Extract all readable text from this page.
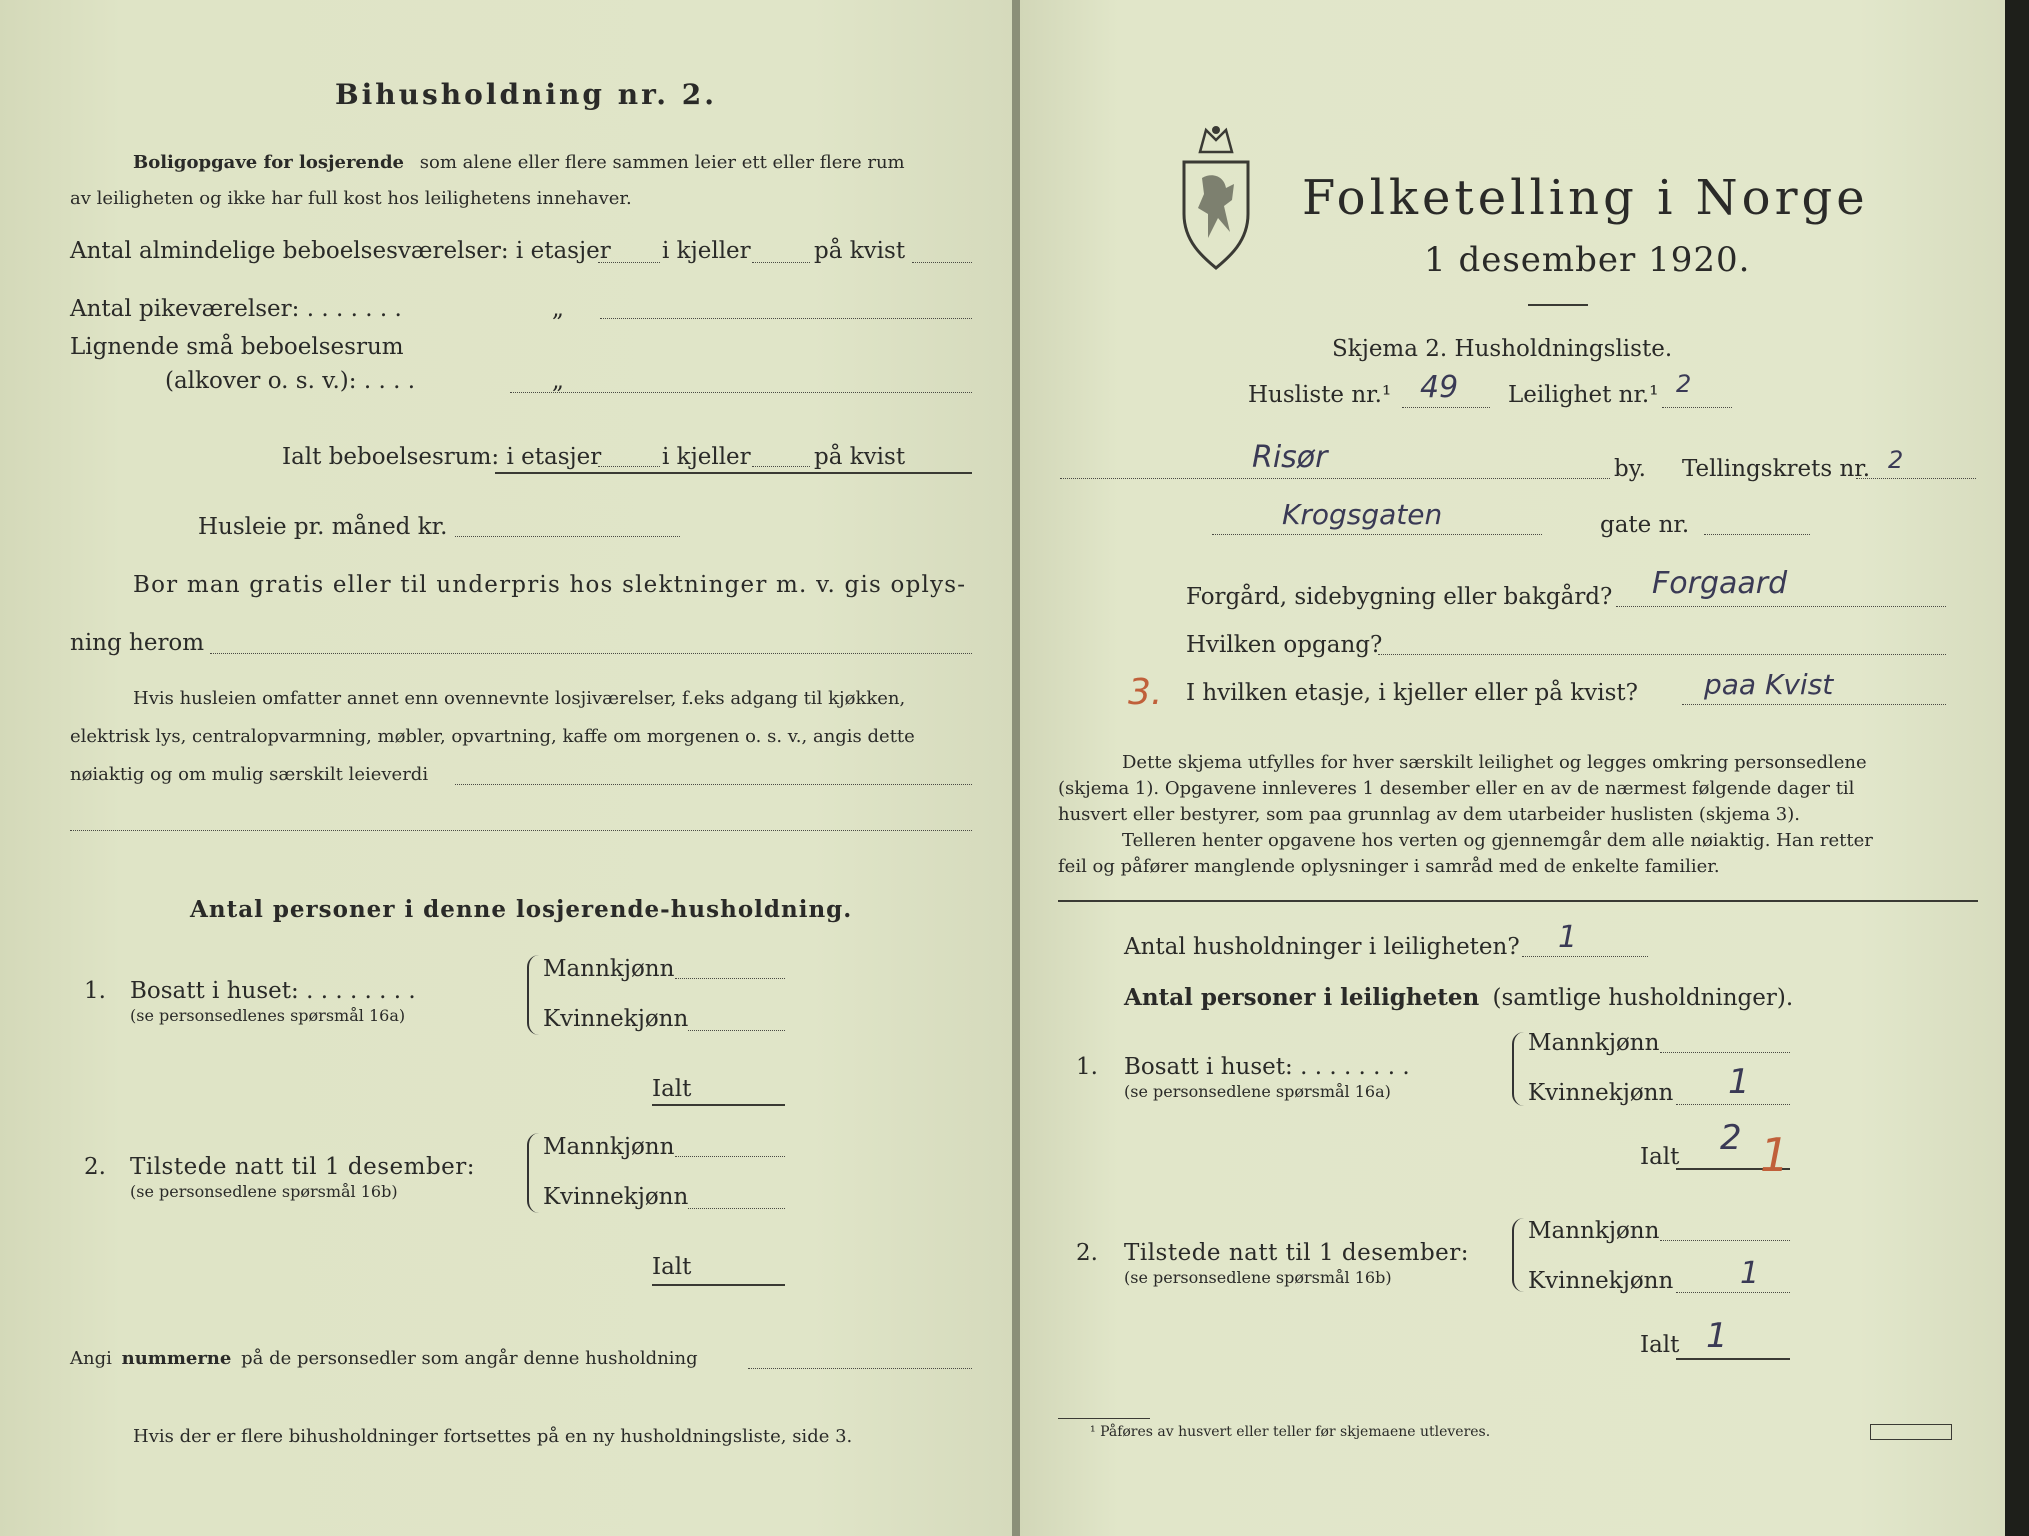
Bihusholdning nr. 2.
Boligopgave for losjerende som alene eller flere sammen leier ett eller flere rum
av leiligheten og ikke har full kost hos leilighetens innehaver.
Antal almindelige beboelsesværelser: i etasjer i kjeller	på kvist
Antal pikeværelser: . . . . . . .	„
Lignende små beboelsesrum
(alkover o. s. v.): . . . .	„
Ialt beboelsesrum: i etasjer	i kjeller	på kvist
Husleie pr. måned kr.
Bor man gratis eller til underpris hos slektninger m. v. gis oplys-
ning herom
Hvis husleien omfatter annet enn ovennevnte losjiværelser, f.eks adgang til kjøkken,
elektrisk lys, centralopvarmning, møbler, opvartning, kaffe om morgenen o. s. v., angis dette
nøiaktig og om mulig særskilt leieverdi
Antal personer i denne losjerende-husholdning.
1. Bosatt i huset: . . . . . . . .
(se personsedlenes spørsmål 16a)
Mannkjønn
Kvinnekjønn
Ialt
2. Tilstede natt til 1 desember:
(se personsedlene spørsmål 16b)
Mannkjønn
Kvinnekjønn
Ialt
Angi nummerne på de personsedler som angår denne husholdning
Hvis der er flere bihusholdninger fortsettes på en ny husholdningsliste, side 3.
Folketelling i Norge
1 desember 1920.
Skjema 2. Husholdningsliste.
Husliste nr.¹ 49 Leilighet nr.¹ 2
Risør	by. Tellingskrets nr. 2
Krogsgaten	gate nr.
Forgård, sidebygning eller bakgård? Forgaard
Hvilken opgang?
3. I hvilken etasje, i kjeller eller på kvist? paa Kvist
Dette skjema utfylles for hver særskilt leilighet og legges omkring personsedlene
(skjema 1). Opgavene innleveres 1 desember eller en av de nærmest følgende dager til
husvert eller bestyrer, som paa grunnlag av dem utarbeider huslisten (skjema 3).
Telleren henter opgavene hos verten og gjennemgår dem alle nøiaktig. Han retter
feil og påfører manglende oplysninger i samråd med de enkelte familier.
Antal husholdninger i leiligheten? 1
Antal personer i leiligheten (samtlige husholdninger).
1. Bosatt i huset: . . . . . . . .
(se personsedlene spørsmål 16a)
Mannkjønn
Kvinnekjønn 1
Ialt 2 1
2. Tilstede natt til 1 desember:
(se personsedlene spørsmål 16b)
Mannkjønn
Kvinnekjønn 1
Ialt 1
¹ Påføres av husvert eller teller før skjemaene utleveres.
